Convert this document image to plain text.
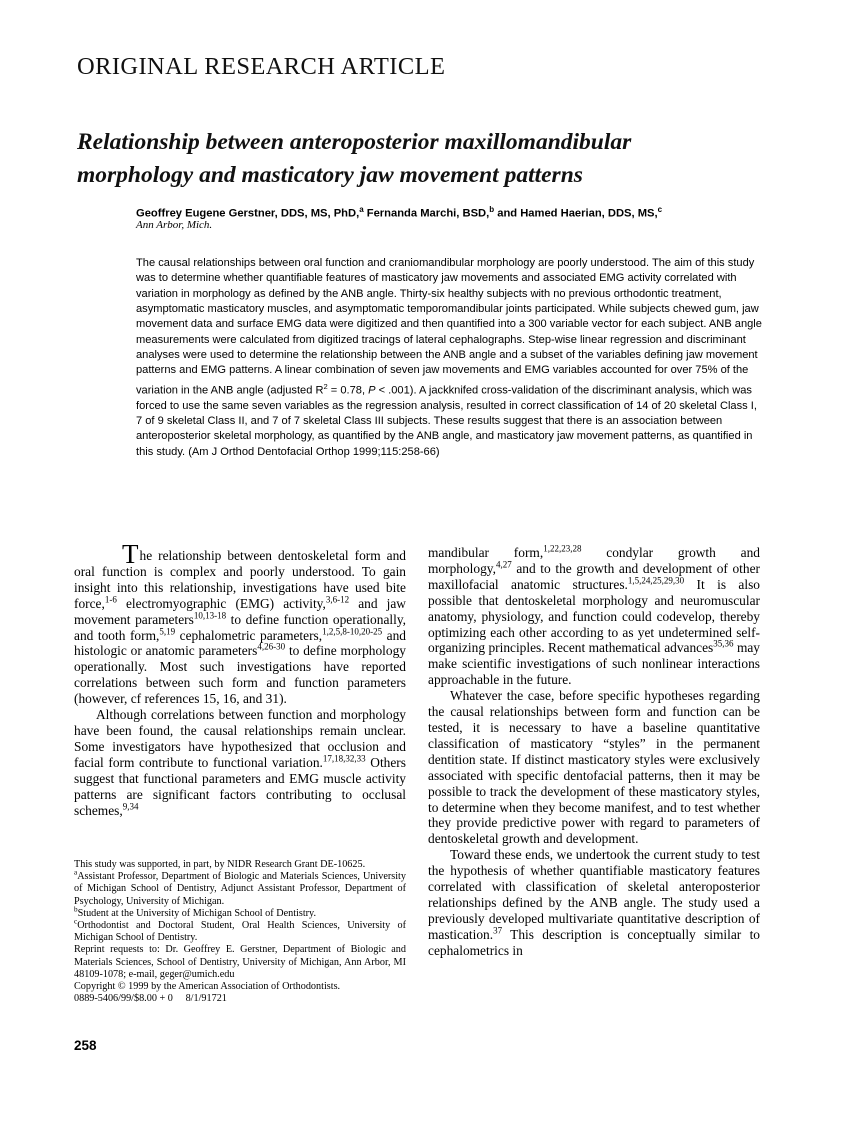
ORIGINAL RESEARCH ARTICLE
Relationship between anteroposterior maxillomandibular morphology and masticatory jaw movement patterns
Geoffrey Eugene Gerstner, DDS, MS, PhD,$^a$ Fernanda Marchi, BSD,$^b$ and Hamed Haerian, DDS, MS,$^c$
Ann Arbor, Mich.
The causal relationships between oral function and craniomandibular morphology are poorly understood. The aim of this study was to determine whether quantifiable features of masticatory jaw movements and associated EMG activity correlated with variation in morphology as defined by the ANB angle. Thirty-six healthy subjects with no previous orthodontic treatment, asymptomatic masticatory muscles, and asymptomatic temporomandibular joints participated. While subjects chewed gum, jaw movement data and surface EMG data were digitized and then quantified into a 300 variable vector for each subject. ANB angle measurements were calculated from digitized tracings of lateral cephalographs. Step-wise linear regression and discriminant analyses were used to determine the relationship between the ANB angle and a subset of the variables defining jaw movement patterns and EMG patterns. A linear combination of seven jaw movements and EMG variables accounted for over 75% of the variation in the ANB angle (adjusted $R^2 = 0.78$, P < .001). A jackknifed cross-validation of the discriminant analysis, which was forced to use the same seven variables as the regression analysis, resulted in correct classification of 14 of 20 skeletal Class I, 7 of 9 skeletal Class II, and 7 of 7 skeletal Class III subjects. These results suggest that there is an association between anteroposterior skeletal morphology, as quantified by the ANB angle, and masticatory jaw movement patterns, as quantified in this study. (Am J Orthod Dentofacial Orthop 1999;115:258-66)

The relationship between dentoskeletal form and oral function is complex and poorly understood. To gain insight into this relationship, investigations have used bite force,$^{1-6}$ electromyographic (EMG) activity,$^{3,6-12}$ and jaw movement parameters$^{10,13-18}$ to define function operationally, and tooth form,$^{5,19}$ cephalometric parameters,$^{1,2,5,8-10,20-25}$ and histologic or anatomic parameters$^{4,26-30}$ to define morphology operationally. Most such investigations have reported correlations between such form and function parameters (however, cf references 15, 16, and 31).

Although correlations between function and morphology have been found, the causal relationships remain unclear. Some investigators have hypothesized that occlusion and facial form contribute to functional variation.$^{17,18,32,33}$ Others suggest that functional parameters and EMG muscle activity patterns are significant factors contributing to occlusal schemes,$^{9,34}$

mandibular form,$^{1,22,23,28}$ condylar growth and morphology,$^{4,27}$ and to the growth and development of other maxillofacial anatomic structures.$^{1,5,24,25,29,30}$ It is also possible that dentoskeletal morphology and neuromuscular anatomy, physiology, and function could codevelop, thereby optimizing each other according to as yet undetermined self-organizing principles. Recent mathematical advances$^{35,36}$ may make scientific investigations of such nonlinear interactions approachable in the future.

Whatever the case, before specific hypotheses regarding the causal relationships between form and function can be tested, it is necessary to have a baseline quantitative classification of masticatory “styles” in the permanent dentition state. If distinct masticatory styles were exclusively associated with specific dentofacial patterns, then it may be possible to track the development of these masticatory styles, to determine when they become manifest, and to test whether they provide predictive power with regard to parameters of dentoskeletal growth and development.

Toward these ends, we undertook the current study to test the hypothesis of whether quantifiable masticatory features correlated with classification of skeletal anteroposterior relationships defined by the ANB angle. The study used a previously developed multivariate quantitative description of mastication.$^{37}$ This description is conceptually similar to cephalometrics in

This study was supported, in part, by NIDR Research Grant DE-10625.

$^a$Assistant Professor, Department of Biologic and Materials Sciences, University of Michigan School of Dentistry, Adjunct Assistant Professor, Department of Psychology, University of Michigan.

$^b$Student at the University of Michigan School of Dentistry.

$^c$Orthodontist and Doctoral Student, Oral Health Sciences, University of Michigan School of Dentistry.

Reprint requests to: Dr. Geoffrey E. Gerstner, Department of Biologic and Materials Sciences, School of Dentistry, University of Michigan, Ann Arbor, MI 48109-1078; e-mail, geger@umich.edu

Copyright © 1999 by the American Association of Orthodontists.

0889-5406/99/$8.00 + 0  8/1/91721

258
